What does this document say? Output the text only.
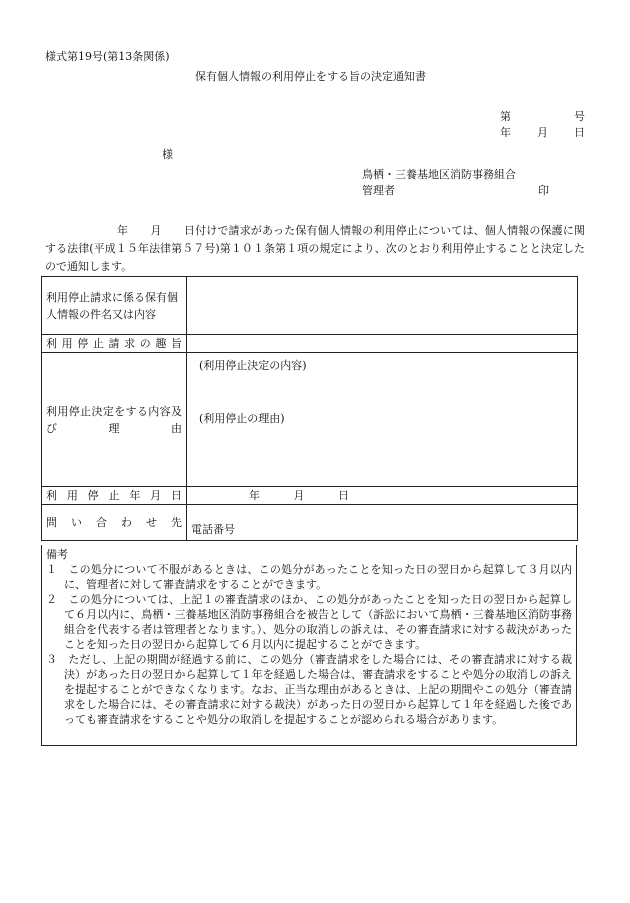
様式第19号(第13条関係)
保有個人情報の利用停止をする旨の決定通知書
第	号
年 月 日
様
鳥栖・三養基地区消防事務組合
管理者	印
年　　月　　日付けで請求があった保有個人情報の利用停止については、個人情報の保護に関する法律(平成１５年法律第５７号)第１０１条第１項の規定により、次のとおり利用停止することと決定したので通知します。
利用停止請求に係る保有個人情報の件名又は内容	
利用停止請求の趣旨	
利用停止決定をする内容及び理由	(利用停止決定の内容)
(利用停止の理由)

利用停止年月日	年 月 日
問い合わせ先	電話番号

備考

１　この処分について不服があるときは、この処分があったことを知った日の翌日から起算して３月以内に、管理者に対して審査請求をすることができます。

２　この処分については、上記１の審査請求のほか、この処分があったことを知った日の翌日から起算して６月以内に、鳥栖・三養基地区消防事務組合を被告として（訴訟において鳥栖・三養基地区消防事務組合を代表する者は管理者となります。）、処分の取消しの訴えは、その審査請求に対する裁決があったことを知った日の翌日から起算して６月以内に提起することができます。

３　ただし、上記の期間が経過する前に、この処分（審査請求をした場合には、その審査請求に対する裁決）があった日の翌日から起算して１年を経過した場合は、審査請求をすることや処分の取消しの訴えを提起することができなくなります。なお、正当な理由があるときは、上記の期間やこの処分（審査請求をした場合には、その審査請求に対する裁決）があった日の翌日から起算して１年を経過した後であっても審査請求をすることや処分の取消しを提起することが認められる場合があります。
